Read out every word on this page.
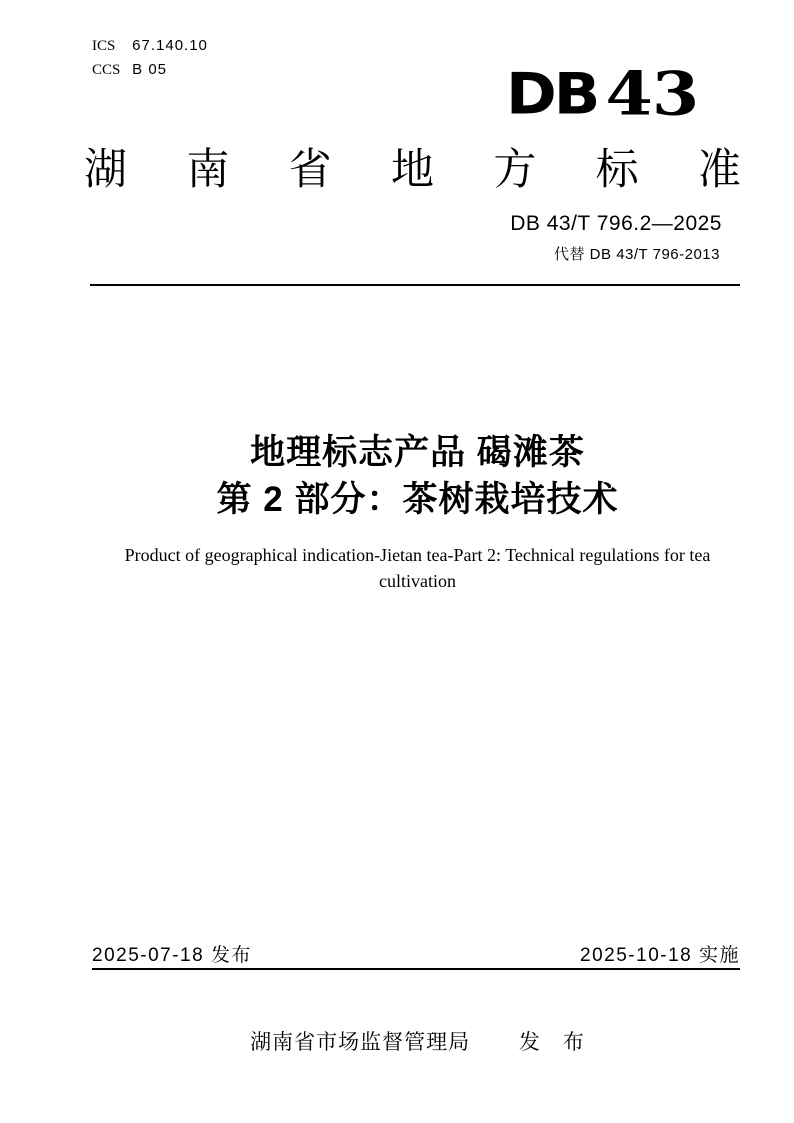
ICS 67.140.10
CCS B 05	DB 43
湖 南 省 地 方 标 准
DB 43/T 796.2—2025
代替 DB 43/T 796-2013
地理标志产品 碣滩茶
第 2 部分：茶树栽培技术
Product of geographical indication-Jietan tea-Part 2: Technical regulations for tea
cultivation
2025-07-18 发布	2025-10-18 实施
湖南省市场监督管理局 发　布
